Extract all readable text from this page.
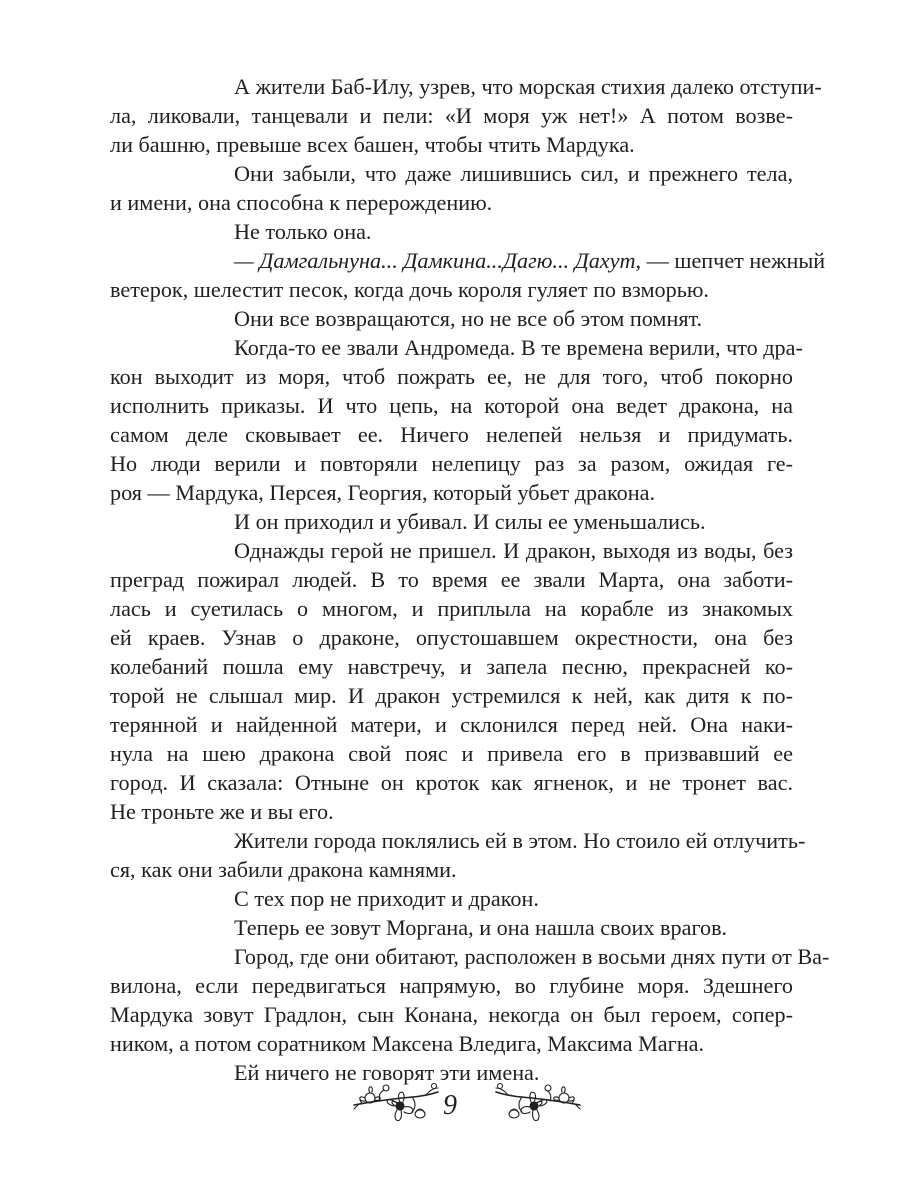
А жители Баб-Илу, узрев, что морская стихия далеко отступи-
ла, ликовали, танцевали и пели: «И моря уж нет!» А потом возве-
ли башню, превыше всех башен, чтобы чтить Мардука.
Они забыли, что даже лишившись сил, и прежнего тела,
и имени, она способна к перерождению.
Не только она.
— Дамгальнуна... Дамкина...Дагю... Дахут, — шепчет нежный
ветерок, шелестит песок, когда дочь короля гуляет по взморью.
Они все возвращаются, но не все об этом помнят.
Когда-то ее звали Андромеда. В те времена верили, что дра-
кон выходит из моря, чтоб пожрать ее, не для того, чтоб покорно
исполнить приказы. И что цепь, на которой она ведет дракона, на
самом деле сковывает ее. Ничего нелепей нельзя и придумать.
Но люди верили и повторяли нелепицу раз за разом, ожидая ге-
роя — Мардука, Персея, Георгия, который убьет дракона.
И он приходил и убивал. И силы ее уменьшались.
Однажды герой не пришел. И дракон, выходя из воды, без
преград пожирал людей. В то время ее звали Марта, она заботи-
лась и суетилась о многом, и приплыла на корабле из знакомых
ей краев. Узнав о драконе, опустошавшем окрестности, она без
колебаний пошла ему навстречу, и запела песню, прекрасней ко-
торой не слышал мир. И дракон устремился к ней, как дитя к по-
терянной и найденной матери, и склонился перед ней. Она наки-
нула на шею дракона свой пояс и привела его в призвавший ее
город. И сказала: Отныне он кроток как ягненок, и не тронет вас.
Не троньте же и вы его.
Жители города поклялись ей в этом. Но стоило ей отлучить-
ся, как они забили дракона камнями.
С тех пор не приходит и дракон.
Теперь ее зовут Моргана, и она нашла своих врагов.
Город, где они обитают, расположен в восьми днях пути от Ва-
вилона, если передвигаться напрямую, во глубине моря. Здешнего
Мардука зовут Градлон, сын Конана, некогда он был героем, сопер-
ником, а потом соратником Максена Вледига, Максима Магна.
Ей ничего не говорят эти имена.
9
